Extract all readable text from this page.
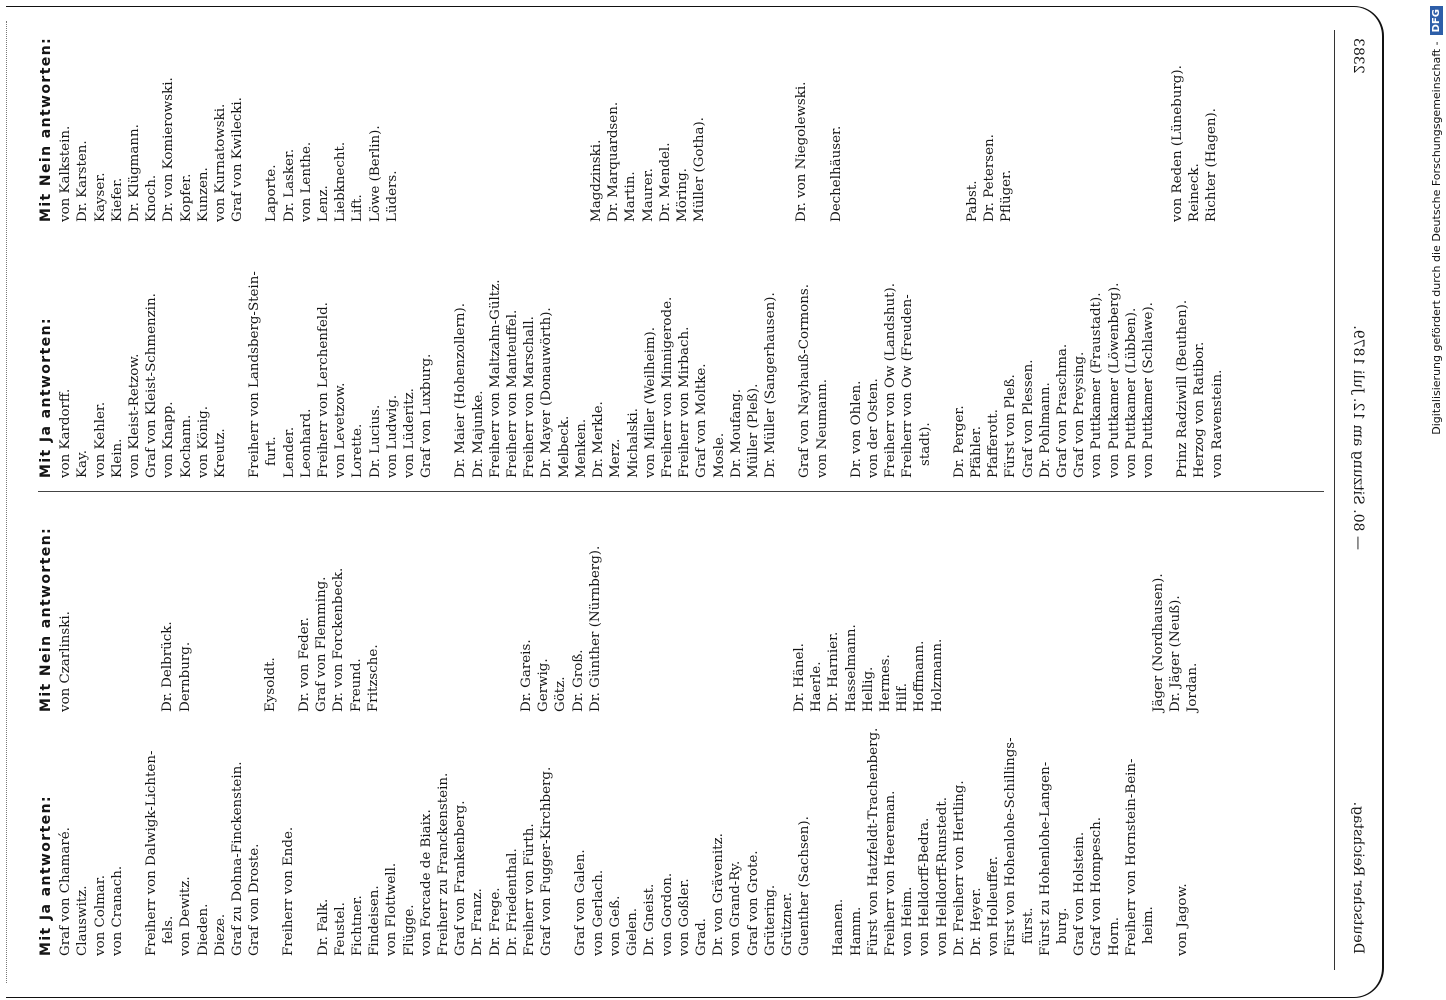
Deutscher Reichstag.
— 80. Sitzung am 12. Juli 1879.
2383
Mit Ja antworten: Graf von Chamaré. Clauswitz. von Colmar. von Cranach. Freiherr von Dalwigk-Lichten- fels. von Dewitz. Dieden. Dieze. Graf zu Dohna-Finckenstein. Graf von Droste. Freiherr von Ende. Dr. Falk. Feustel. Fichtner. Findeisen. von Flottwell. Flügge. von Forcade de Biaix. Freiherr zu Franckenstein. Graf von Frankenberg. Dr. Franz. Dr. Frege. Dr. Friedenthal. Freiherr von Fürth. Graf von Fugger-Kirchberg. Graf von Galen. von Gerlach. von Geß. Gielen. Dr. Gneist. von Gordon. von Goßler. Grad. Dr. von Grävenitz. von Grand-Ry. Graf von Grote. Grütering. Grützner. Guenther (Sachsen). Haanen. Hamm. Fürst von Hatzfeldt-Trachenberg. Freiherr von Heereman. von Heim. von Helldorff-Bedra. von Helldorff-Runstedt. Dr. Freiherr von Hertling. Dr. Heyer. von Holleuffer. Fürst von Hohenlohe-Schillings- fürst. Fürst zu Hohenlohe-Langen- burg. Graf von Holstein. Graf von Hompesch. Horn. Freiherr von Hornstein-Bein- heim. von Jagow.
Mit Nein antworten: von Czarlinski.	Dr. Delbrück. Dernburg.	Eysoldt. Dr. von Feder. Graf von Flemming. Dr. von Forckenbeck. Freund. Fritzsche.	Dr. Gareis. Gerwig. Götz. Dr. Groß. Dr. Günther (Nürnberg).	Dr. Hänel. Haerle. Dr. Harnier. Hasselmann. Hellig. Hermes. Hilf. Hoffmann. Holzmann.	Jäger (Nordhausen). Dr. Jäger (Neuß). Jordan.
Mit Ja antworten: von Kardorff. Kay. von Kehler. Klein. von Kleist-Retzow. Graf von Kleist-Schmenzin. von Knapp. Kochann. von König. Kreutz. Freiherr von Landsberg-Stein- furt. Lender. Leonhard. Freiherr von Lerchenfeld. von Levetzow. Lorette. Dr. Lucius. von Ludwig. von Lüderitz. Graf von Luxburg. Dr. Maier (Hohenzollern). Dr. Majunke. Freiherr von Maltzahn-Gültz. Freiherr von Manteuffel. Freiherr von Marschall. Dr. Mayer (Donauwörth). Melbeck. Menken. Dr. Merkle. Merz. Michalski. von Miller (Weilheim). Freiherr von Minnigerode. Freiherr von Mirbach. Graf von Moltke. Mosle. Dr. Moufang. Müller (Pleß). Dr. Müller (Sangerhausen). Graf von Nayhauß-Cormons. von Neumann. Dr. von Ohlen. von der Osten. Freiherr von Ow (Landshut). Freiherr von Ow (Freuden- stadt). Dr. Perger. Pfähler. Pfafferott. Fürst von Pleß. Graf von Plessen. Dr. Pohlmann. Graf von Praschma. Graf von Preysing. von Puttkamer (Fraustadt). von Puttkamer (Löwenberg). von Puttkamer (Lübben). von Puttkamer (Schlawe). Prinz Radziwill (Beuthen). Herzog von Ratibor. von Ravenstein.
Mit Nein antworten: von Kalkstein. Dr. Karsten. Kayser. Kiefer. Dr. Klügmann. Knoch. Dr. von Komierowski. Kopfer. Kunzen. von Kurnatowski. Graf von Kwilecki. Laporte. Dr. Lasker. von Lenthe. Lenz. Liebknecht. Lift. Löwe (Berlin). Lüders.	Magdzinski. Dr. Marquardsen. Martin. Maurer. Dr. Mendel. Möring. Müller (Gotha).	Dr. von Niegolewski. Dechelhäuser.	Pabst. Dr. Petersen. Pflüger.	von Reden (Lüneburg). Reineck. Richter (Hagen).	Digitalisierung gefördert durch die Deutsche Forschungsgemeinschaft -
DFG
